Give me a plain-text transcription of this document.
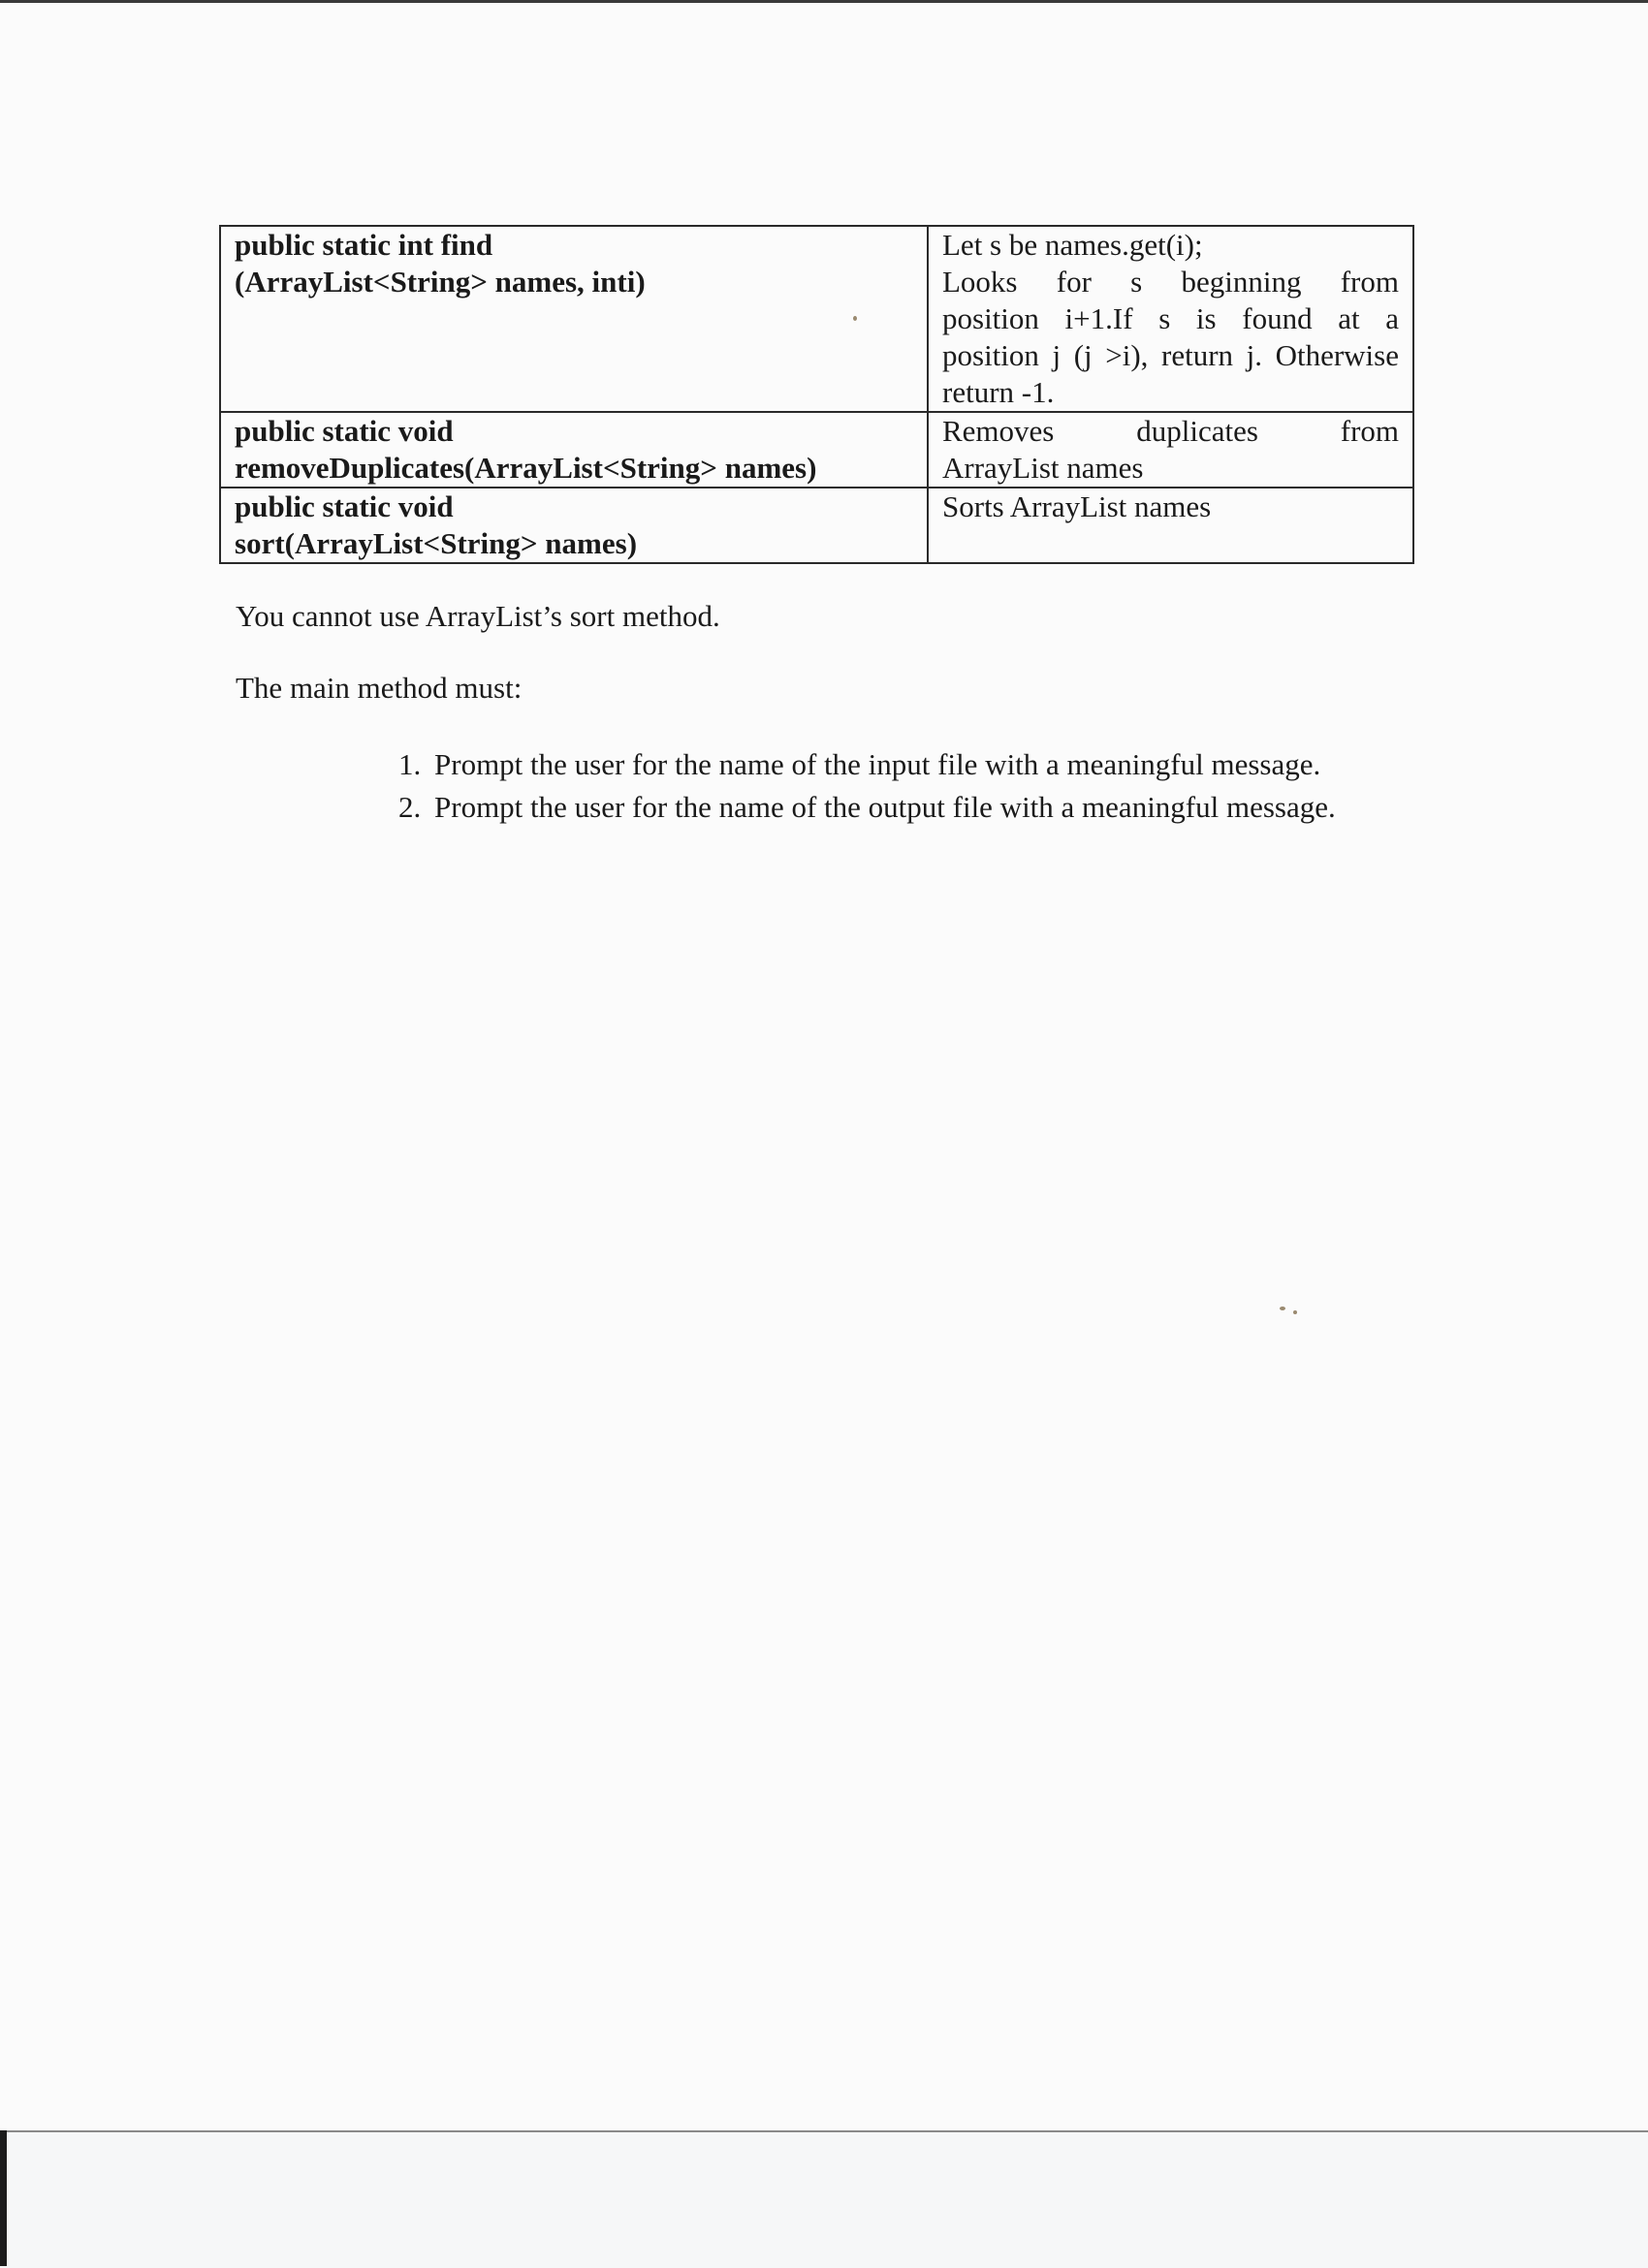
public static int find
(ArrayList<String> names, inti)	Let s be names.get(i);
Looks for s beginning from
position i+1.If s is found at a
position j (j >i), return j. Otherwise
return -1.

public static void
removeDuplicates(ArrayList<String> names)	Removes duplicates from
ArrayList names

public static void
sort(ArrayList<String> names)	Sorts ArrayList names

You cannot use ArrayList’s sort method.

The main method must:

1. Prompt the user for the name of the input file with a meaningful message.
2. Prompt the user for the name of the output file with a meaningful message.
